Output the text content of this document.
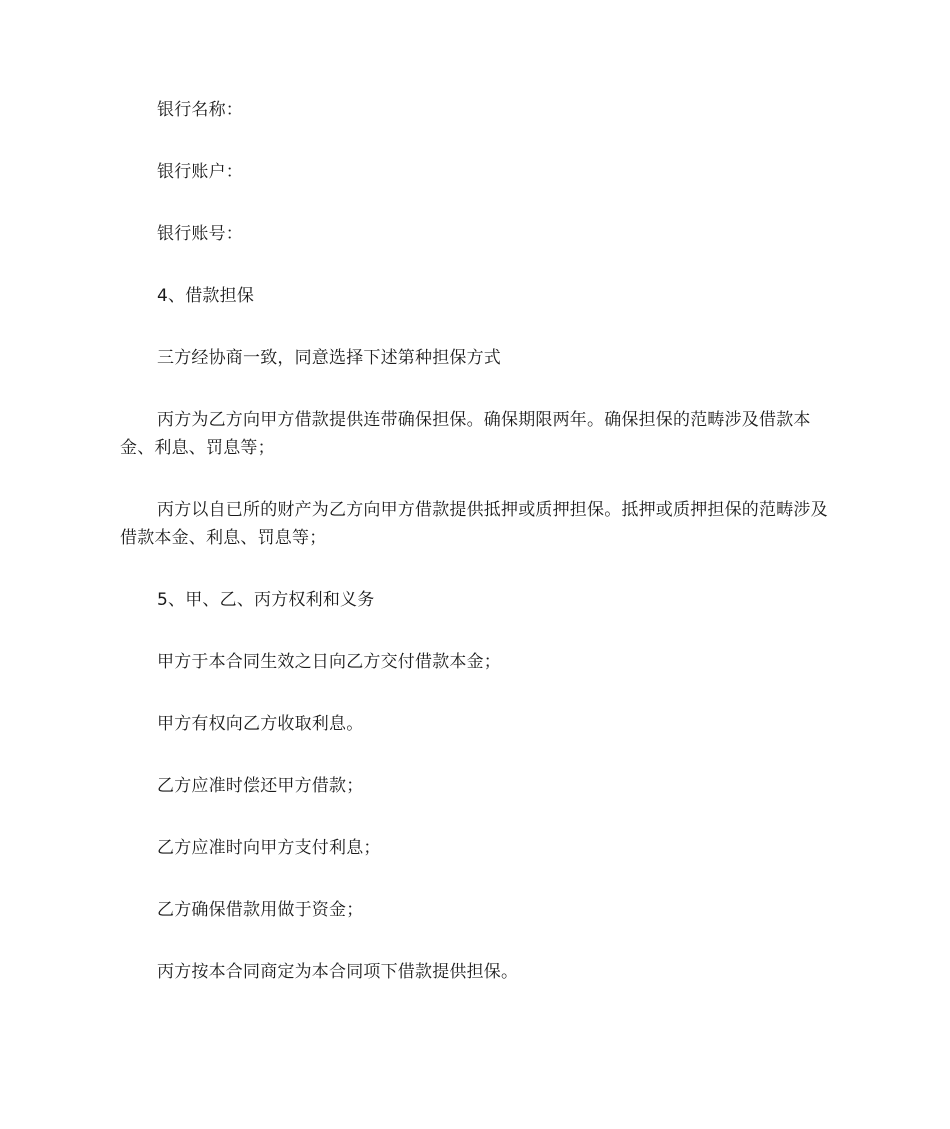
银行名称：

银行账户：

银行账号：

4、借款担保

三方经协商一致，同意选择下述第种担保方式

丙方为乙方向甲方借款提供连带确保担保。确保期限两年。确保担保的范畴涉及借款本金、利息、罚息等；

丙方以自已所的财产为乙方向甲方借款提供抵押或质押担保。抵押或质押担保的范畴涉及借款本金、利息、罚息等；

5、甲、乙、丙方权利和义务

甲方于本合同生效之日向乙方交付借款本金；

甲方有权向乙方收取利息。

乙方应准时偿还甲方借款；

乙方应准时向甲方支付利息；

乙方确保借款用做于资金；

丙方按本合同商定为本合同项下借款提供担保。
